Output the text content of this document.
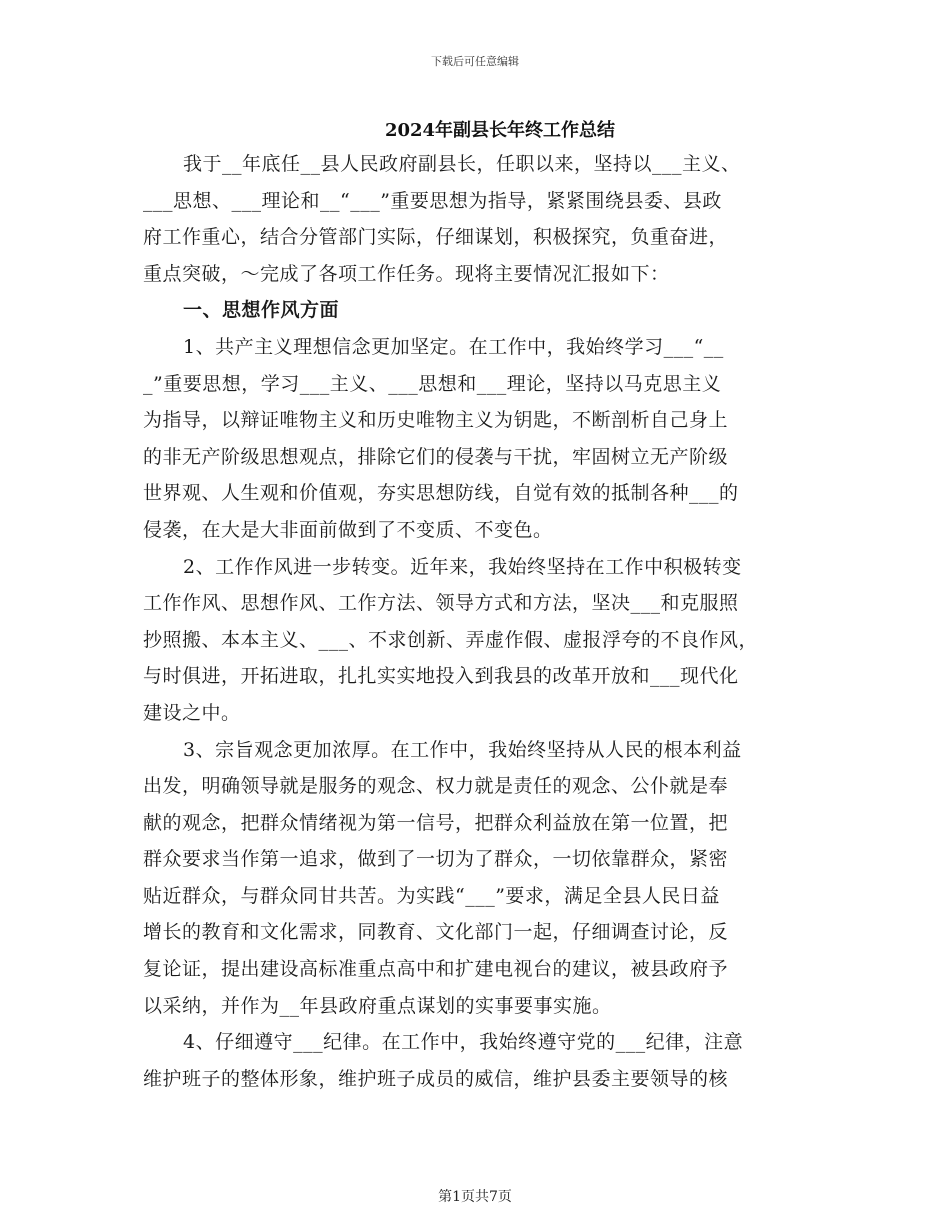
下载后可任意编辑
2024年副县长年终工作总结
我于__年底任__县人民政府副县长，任职以来，坚持以___主义、
___思想、___理论和__“___”重要思想为指导，紧紧围绕县委、县政
府工作重心，结合分管部门实际，仔细谋划，积极探究，负重奋进，
重点突破，～完成了各项工作任务。现将主要情况汇报如下：
一、思想作风方面
1、共产主义理想信念更加坚定。在工作中，我始终学习___“__
_”重要思想，学习___主义、___思想和___理论，坚持以马克思主义
为指导，以辩证唯物主义和历史唯物主义为钥匙，不断剖析自己身上
的非无产阶级思想观点，排除它们的侵袭与干扰，牢固树立无产阶级
世界观、人生观和价值观，夯实思想防线，自觉有效的抵制各种___的
侵袭，在大是大非面前做到了不变质、不变色。
2、工作作风进一步转变。近年来，我始终坚持在工作中积极转变
工作作风、思想作风、工作方法、领导方式和方法，坚决___和克服照
抄照搬、本本主义、___、不求创新、弄虚作假、虚报浮夸的不良作风，
与时俱进，开拓进取，扎扎实实地投入到我县的改革开放和___现代化
建设之中。
3、宗旨观念更加浓厚。在工作中，我始终坚持从人民的根本利益
出发，明确领导就是服务的观念、权力就是责任的观念、公仆就是奉
献的观念，把群众情绪视为第一信号，把群众利益放在第一位置，把
群众要求当作第一追求，做到了一切为了群众，一切依靠群众，紧密
贴近群众，与群众同甘共苦。为实践“___”要求，满足全县人民日益
增长的教育和文化需求，同教育、文化部门一起，仔细调查讨论，反
复论证，提出建设高标准重点高中和扩建电视台的建议，被县政府予
以采纳，并作为__年县政府重点谋划的实事要事实施。
4、仔细遵守___纪律。在工作中，我始终遵守党的___纪律，注意
维护班子的整体形象，维护班子成员的威信，维护县委主要领导的核
第1页共7页
